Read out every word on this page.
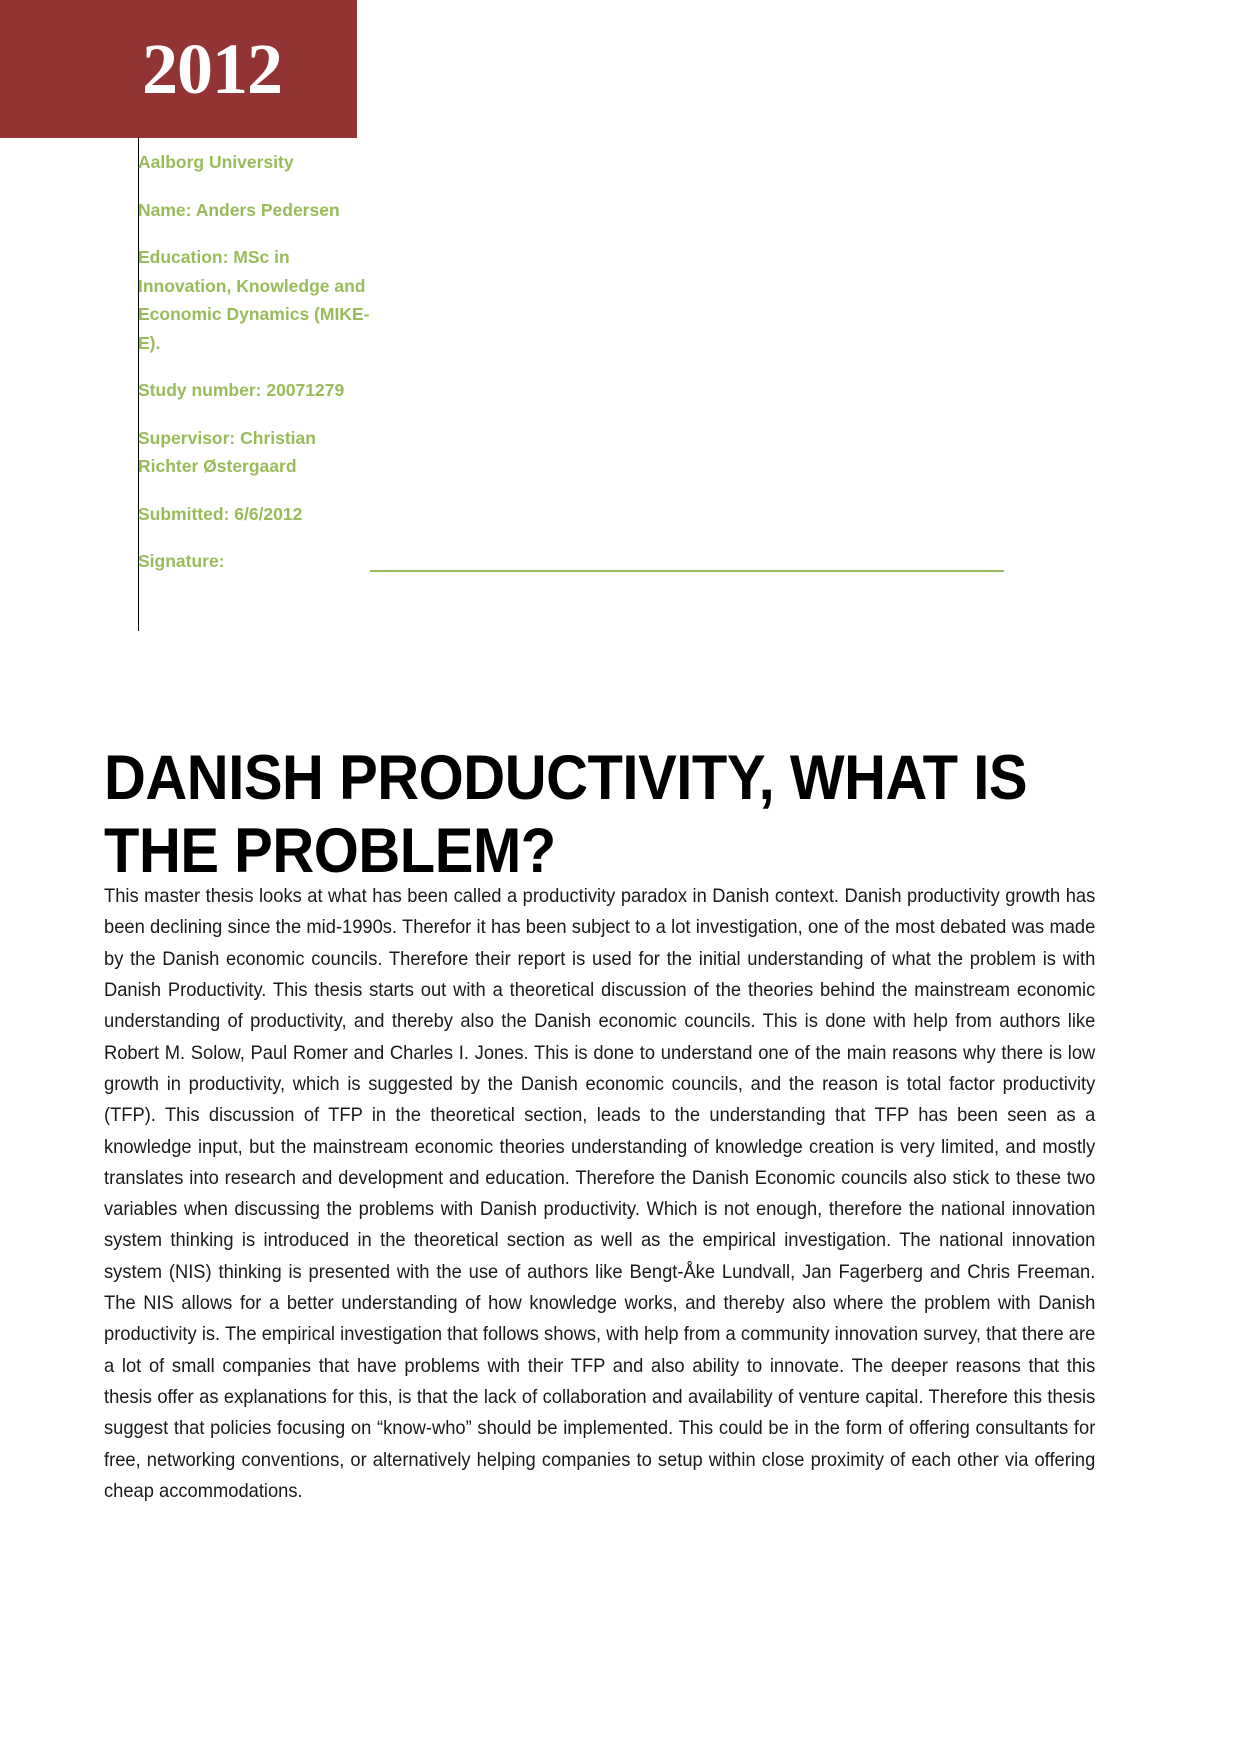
2012
Aalborg University
Name: Anders Pedersen
Education: MSc in Innovation, Knowledge and Economic Dynamics (MIKE-E).
Study number: 20071279
Supervisor: Christian Richter Østergaard
Submitted: 6/6/2012
Signature:
DANISH PRODUCTIVITY, WHAT IS THE PROBLEM?

This master thesis looks at what has been called a productivity paradox in Danish context. Danish productivity growth has been declining since the mid-1990s. Therefor it has been subject to a lot investigation, one of the most debated was made by the Danish economic councils. Therefore their report is used for the initial understanding of what the problem is with Danish Productivity. This thesis starts out with a theoretical discussion of the theories behind the mainstream economic understanding of productivity, and thereby also the Danish economic councils. This is done with help from authors like Robert M. Solow, Paul Romer and Charles I. Jones. This is done to understand one of the main reasons why there is low growth in productivity, which is suggested by the Danish economic councils, and the reason is total factor productivity (TFP). This discussion of TFP in the theoretical section, leads to the understanding that TFP has been seen as a knowledge input, but the mainstream economic theories understanding of knowledge creation is very limited, and mostly translates into research and development and education. Therefore the Danish Economic councils also stick to these two variables when discussing the problems with Danish productivity. Which is not enough, therefore the national innovation system thinking is introduced in the theoretical section as well as the empirical investigation. The national innovation system (NIS) thinking is presented with the use of authors like Bengt-Åke Lundvall, Jan Fagerberg and Chris Freeman. The NIS allows for a better understanding of how knowledge works, and thereby also where the problem with Danish productivity is. The empirical investigation that follows shows, with help from a community innovation survey, that there are a lot of small companies that have problems with their TFP and also ability to innovate. The deeper reasons that this thesis offer as explanations for this, is that the lack of collaboration and availability of venture capital. Therefore this thesis suggest that policies focusing on “know-who” should be implemented. This could be in the form of offering consultants for free, networking conventions, or alternatively helping companies to setup within close proximity of each other via offering cheap accommodations.
